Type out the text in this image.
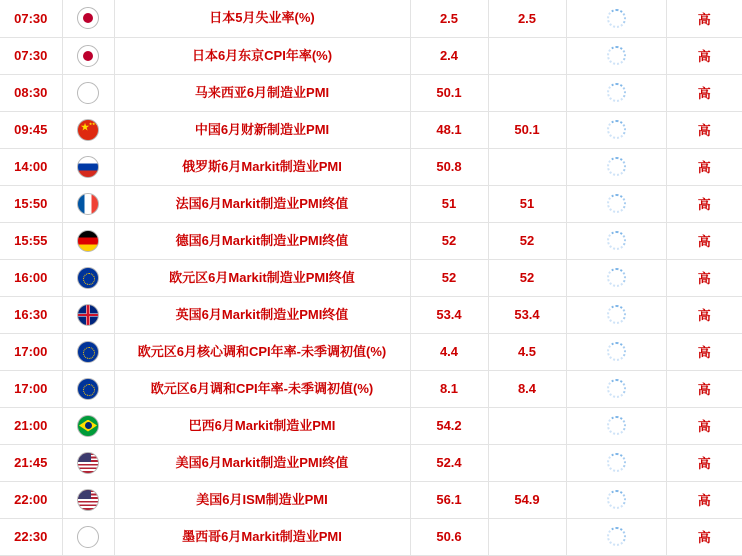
07:30		日本5月失业率(%)	2.5	2.5		高
07:30		日本6月东京CPI年率(%)	2.4			高
08:30		马来西亚6月制造业PMI	50.1			高
09:45	★★★ ★	中国6月财新制造业PMI	48.1	50.1		高
14:00		俄罗斯6月Markit制造业PMI	50.8			高
15:50		法国6月Markit制造业PMI终值	51	51		高
15:55		德国6月Markit制造业PMI终值	52	52		高
16:00		欧元区6月Markit制造业PMI终值	52	52		高
16:30		英国6月Markit制造业PMI终值	53.4	53.4		高
17:00		欧元区6月核心调和CPI年率-未季调初值(%)	4.4	4.5		高
17:00		欧元区6月调和CPI年率-未季调初值(%)	8.1	8.4		高
21:00		巴西6月Markit制造业PMI	54.2			高
21:45		美国6月Markit制造业PMI终值	52.4			高
22:00		美国6月ISM制造业PMI	56.1	54.9		高
22:30		墨西哥6月Markit制造业PMI	50.6			高
